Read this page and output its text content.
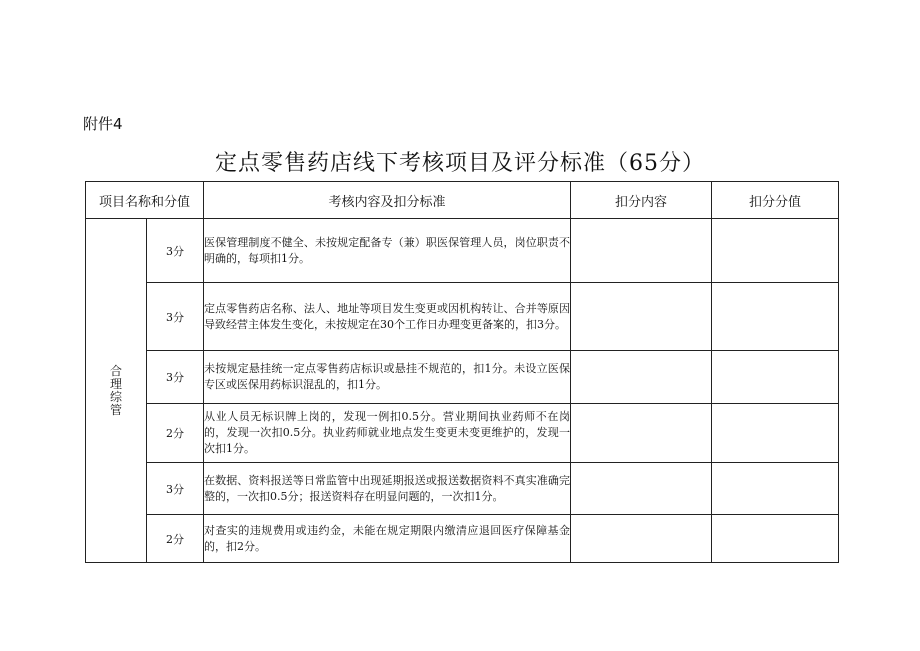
附件4
定点零售药店线下考核项目及评分标准（65分）
项目名称和分值		考核内容及扣分标准	扣分内容	扣分分值
合理综管	3分	医保管理制度不健全、未按规定配备专（兼）职医保管理人员，岗位职责不明确的，每项扣1分。		
	3分	定点零售药店名称、法人、地址等项目发生变更或因机构转让、合并等原因导致经营主体发生变化，未按规定在30个工作日办理变更备案的，扣3分。		
	3分	未按规定悬挂统一定点零售药店标识或悬挂不规范的，扣1分。未设立医保专区或医保用药标识混乱的，扣1分。		
	2分	从业人员无标识牌上岗的，发现一例扣0.5分。营业期间执业药师不在岗的，发现一次扣0.5分。执业药师就业地点发生变更未变更维护的，发现一次扣1分。		
	3分	在数据、资料报送等日常监管中出现延期报送或报送数据资料不真实准确完整的，一次扣0.5分；报送资料存在明显问题的，一次扣1分。		
	2分	对查实的违规费用或违约金，未能在规定期限内缴清应退回医疗保障基金的，扣2分。		
